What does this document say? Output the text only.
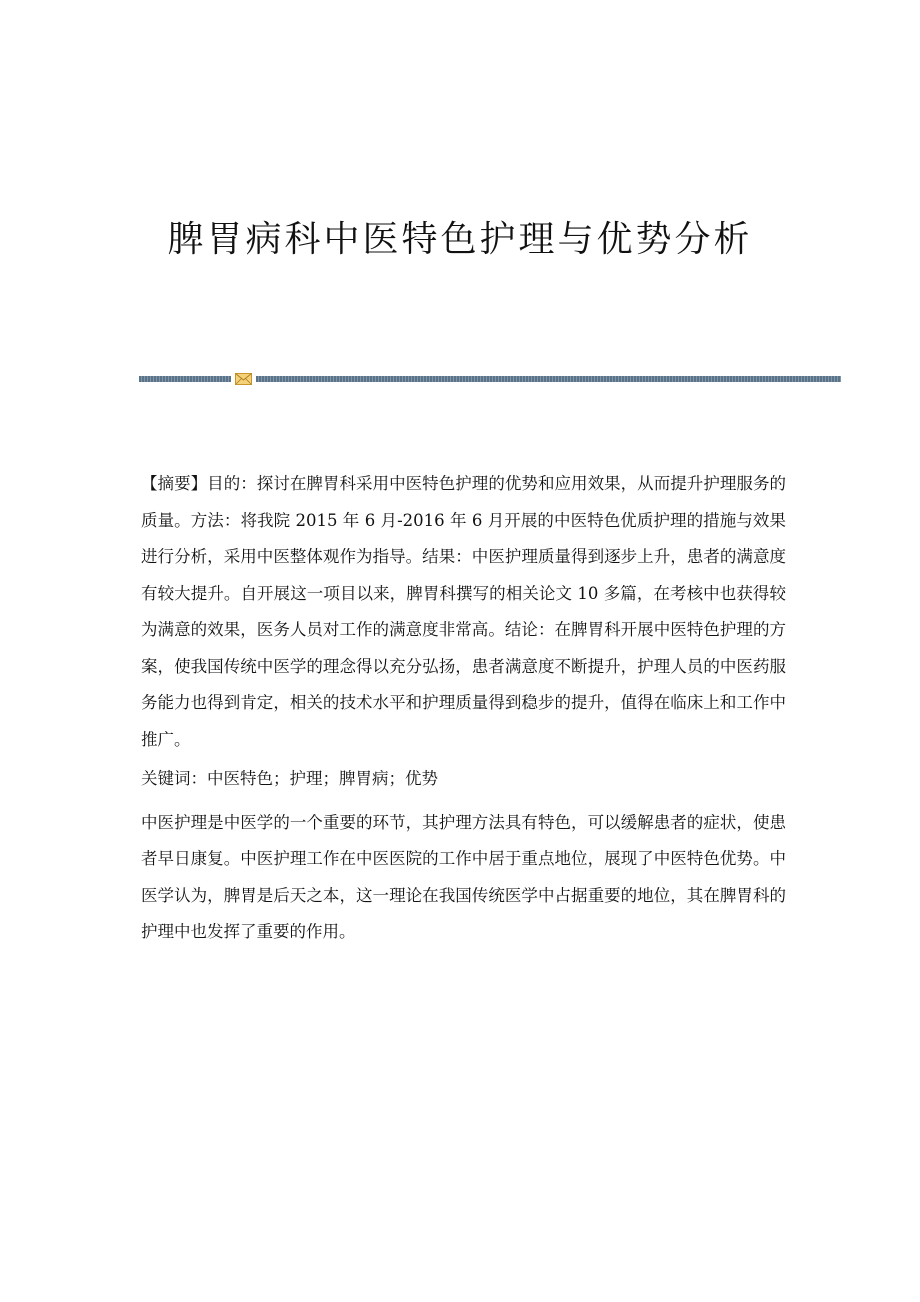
脾胃病科中医特色护理与优势分析

【摘要】目的：探讨在脾胃科采用中医特色护理的优势和应用效果，从而提升护理服务的质量。方法：将我院 2015 年 6 月-2016 年 6 月开展的中医特色优质护理的措施与效果进行分析，采用中医整体观作为指导。结果：中医护理质量得到逐步上升，患者的满意度有较大提升。自开展这一项目以来，脾胃科撰写的相关论文 10 多篇，在考核中也获得较为满意的效果，医务人员对工作的满意度非常高。结论：在脾胃科开展中医特色护理的方案，使我国传统中医学的理念得以充分弘扬，患者满意度不断提升，护理人员的中医药服务能力也得到肯定，相关的技术水平和护理质量得到稳步的提升，值得在临床上和工作中推广。

关键词：中医特色；护理；脾胃病；优势

中医护理是中医学的一个重要的环节，其护理方法具有特色，可以缓解患者的症状，使患者早日康复。中医护理工作在中医医院的工作中居于重点地位，展现了中医特色优势。中医学认为，脾胃是后天之本，这一理论在我国传统医学中占据重要的地位，其在脾胃科的护理中也发挥了重要的作用。
